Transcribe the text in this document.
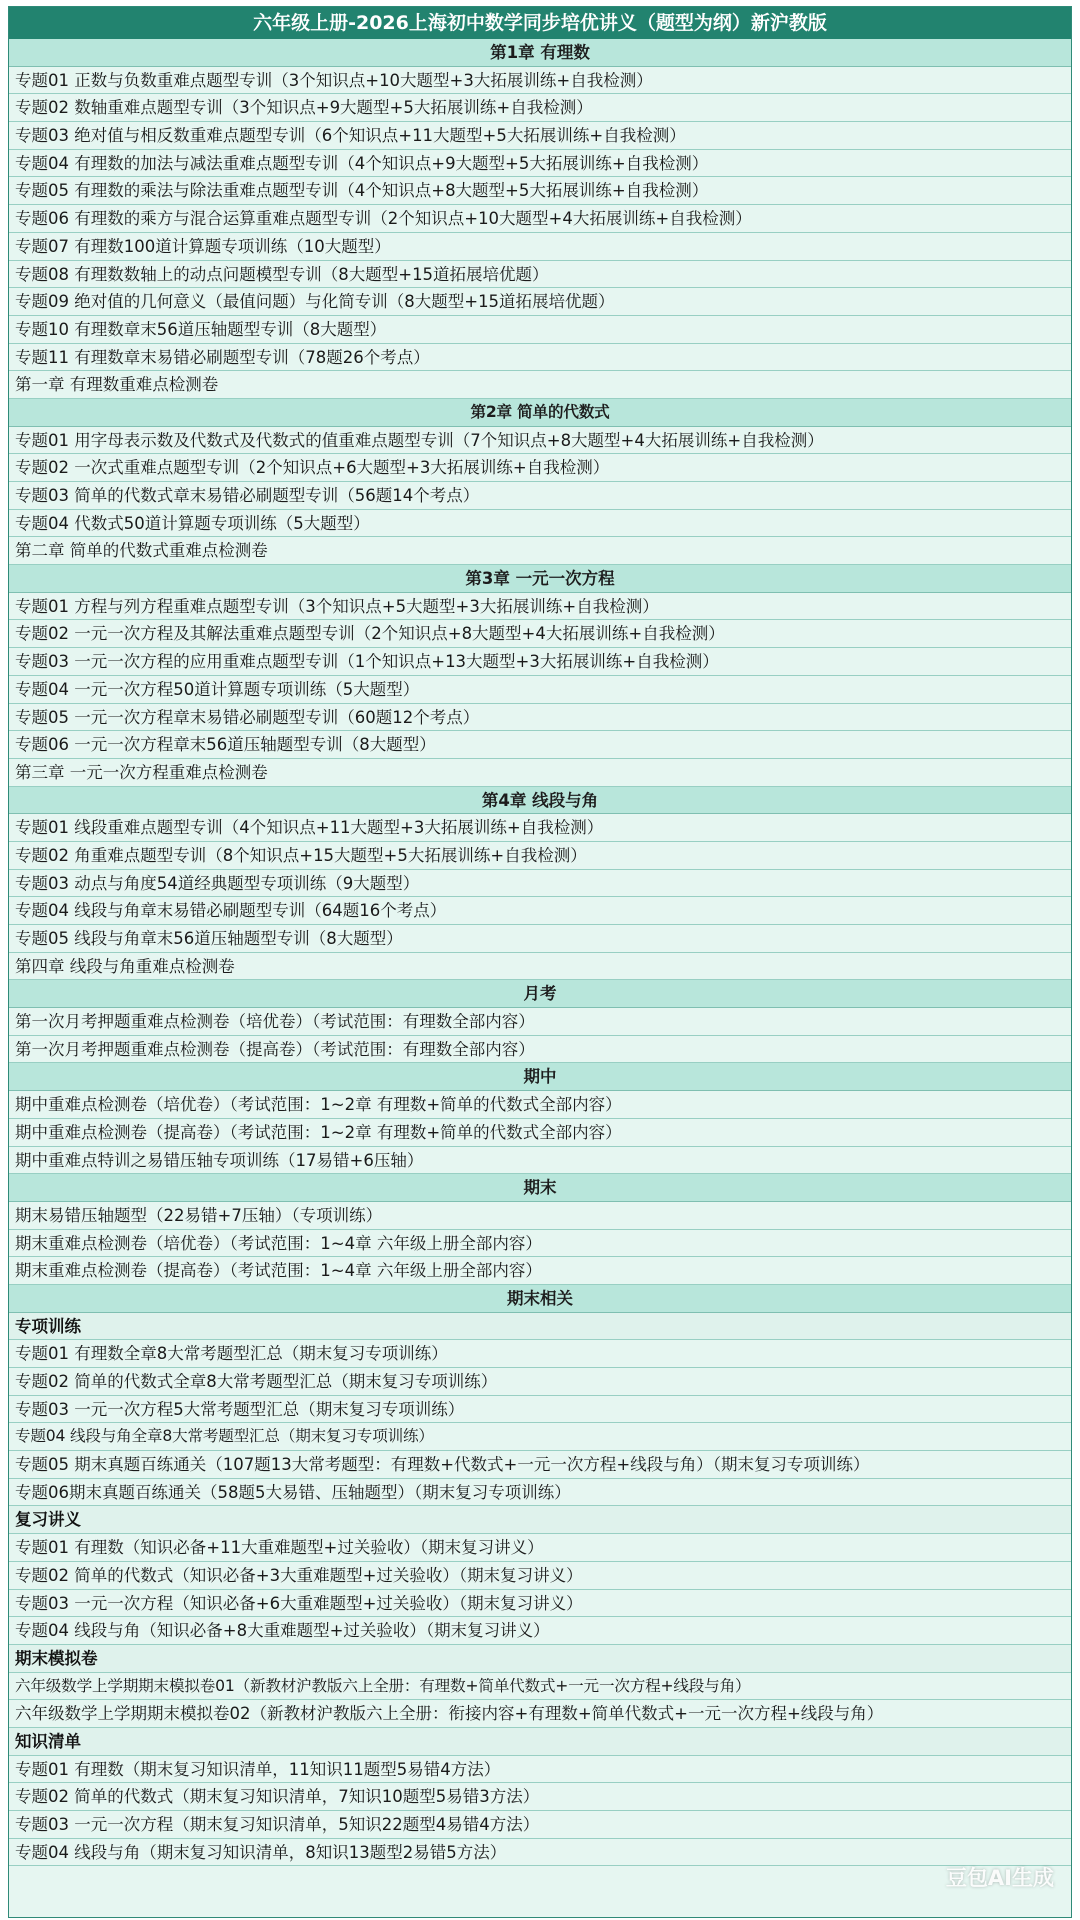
六年级上册-2026上海初中数学同步培优讲义（题型为纲）新沪教版
第1章 有理数
专题01 正数与负数重难点题型专训（3个知识点+10大题型+3大拓展训练+自我检测）
专题02 数轴重难点题型专训（3个知识点+9大题型+5大拓展训练+自我检测）
专题03 绝对值与相反数重难点题型专训（6个知识点+11大题型+5大拓展训练+自我检测）
专题04 有理数的加法与减法重难点题型专训（4个知识点+9大题型+5大拓展训练+自我检测）
专题05 有理数的乘法与除法重难点题型专训（4个知识点+8大题型+5大拓展训练+自我检测）
专题06 有理数的乘方与混合运算重难点题型专训（2个知识点+10大题型+4大拓展训练+自我检测）
专题07 有理数100道计算题专项训练（10大题型）
专题08 有理数数轴上的动点问题模型专训（8大题型+15道拓展培优题）
专题09 绝对值的几何意义（最值问题）与化简专训（8大题型+15道拓展培优题）
专题10 有理数章末56道压轴题型专训（8大题型）
专题11 有理数章末易错必刷题型专训（78题26个考点）
第一章 有理数重难点检测卷
第2章 简单的代数式
专题01 用字母表示数及代数式及代数式的值重难点题型专训（7个知识点+8大题型+4大拓展训练+自我检测）
专题02 一次式重难点题型专训（2个知识点+6大题型+3大拓展训练+自我检测）
专题03 简单的代数式章末易错必刷题型专训（56题14个考点）
专题04 代数式50道计算题专项训练（5大题型）
第二章 简单的代数式重难点检测卷
第3章 一元一次方程
专题01 方程与列方程重难点题型专训（3个知识点+5大题型+3大拓展训练+自我检测）
专题02 一元一次方程及其解法重难点题型专训（2个知识点+8大题型+4大拓展训练+自我检测）
专题03 一元一次方程的应用重难点题型专训（1个知识点+13大题型+3大拓展训练+自我检测）
专题04 一元一次方程50道计算题专项训练（5大题型）
专题05 一元一次方程章末易错必刷题型专训（60题12个考点）
专题06 一元一次方程章末56道压轴题型专训（8大题型）
第三章 一元一次方程重难点检测卷
第4章 线段与角
专题01 线段重难点题型专训（4个知识点+11大题型+3大拓展训练+自我检测）
专题02 角重难点题型专训（8个知识点+15大题型+5大拓展训练+自我检测）
专题03 动点与角度54道经典题型专项训练（9大题型）
专题04 线段与角章末易错必刷题型专训（64题16个考点）
专题05 线段与角章末56道压轴题型专训（8大题型）
第四章 线段与角重难点检测卷
月考
第一次月考押题重难点检测卷（培优卷）（考试范围：有理数全部内容）
第一次月考押题重难点检测卷（提高卷）（考试范围：有理数全部内容）
期中
期中重难点检测卷（培优卷）（考试范围：1~2章 有理数+简单的代数式全部内容）
期中重难点检测卷（提高卷）（考试范围：1~2章 有理数+简单的代数式全部内容）
期中重难点特训之易错压轴专项训练（17易错+6压轴）
期末
期末易错压轴题型（22易错+7压轴）（专项训练）
期末重难点检测卷（培优卷）（考试范围：1~4章 六年级上册全部内容）
期末重难点检测卷（提高卷）（考试范围：1~4章 六年级上册全部内容）
期末相关
专项训练
专题01 有理数全章8大常考题型汇总（期末复习专项训练）
专题02 简单的代数式全章8大常考题型汇总（期末复习专项训练）
专题03 一元一次方程5大常考题型汇总（期末复习专项训练）
专题04 线段与角全章8大常考题型汇总（期末复习专项训练）
专题05 期末真题百练通关（107题13大常考题型：有理数+代数式+一元一次方程+线段与角）（期末复习专项训练）
专题06期末真题百练通关（58题5大易错、压轴题型）（期末复习专项训练）
复习讲义
专题01 有理数（知识必备+11大重难题型+过关验收）（期末复习讲义）
专题02 简单的代数式（知识必备+3大重难题型+过关验收）（期末复习讲义）
专题03 一元一次方程（知识必备+6大重难题型+过关验收）（期末复习讲义）
专题04 线段与角（知识必备+8大重难题型+过关验收）（期末复习讲义）
期末模拟卷
六年级数学上学期期末模拟卷01（新教材沪教版六上全册：有理数+简单代数式+一元一次方程+线段与角）
六年级数学上学期期末模拟卷02（新教材沪教版六上全册：衔接内容+有理数+简单代数式+一元一次方程+线段与角）
知识清单
专题01 有理数（期末复习知识清单，11知识11题型5易错4方法）
专题02 简单的代数式（期末复习知识清单，7知识10题型5易错3方法）
专题03 一元一次方程（期末复习知识清单，5知识22题型4易错4方法）
专题04 线段与角（期末复习知识清单，8知识13题型2易错5方法）
豆包AI生成
